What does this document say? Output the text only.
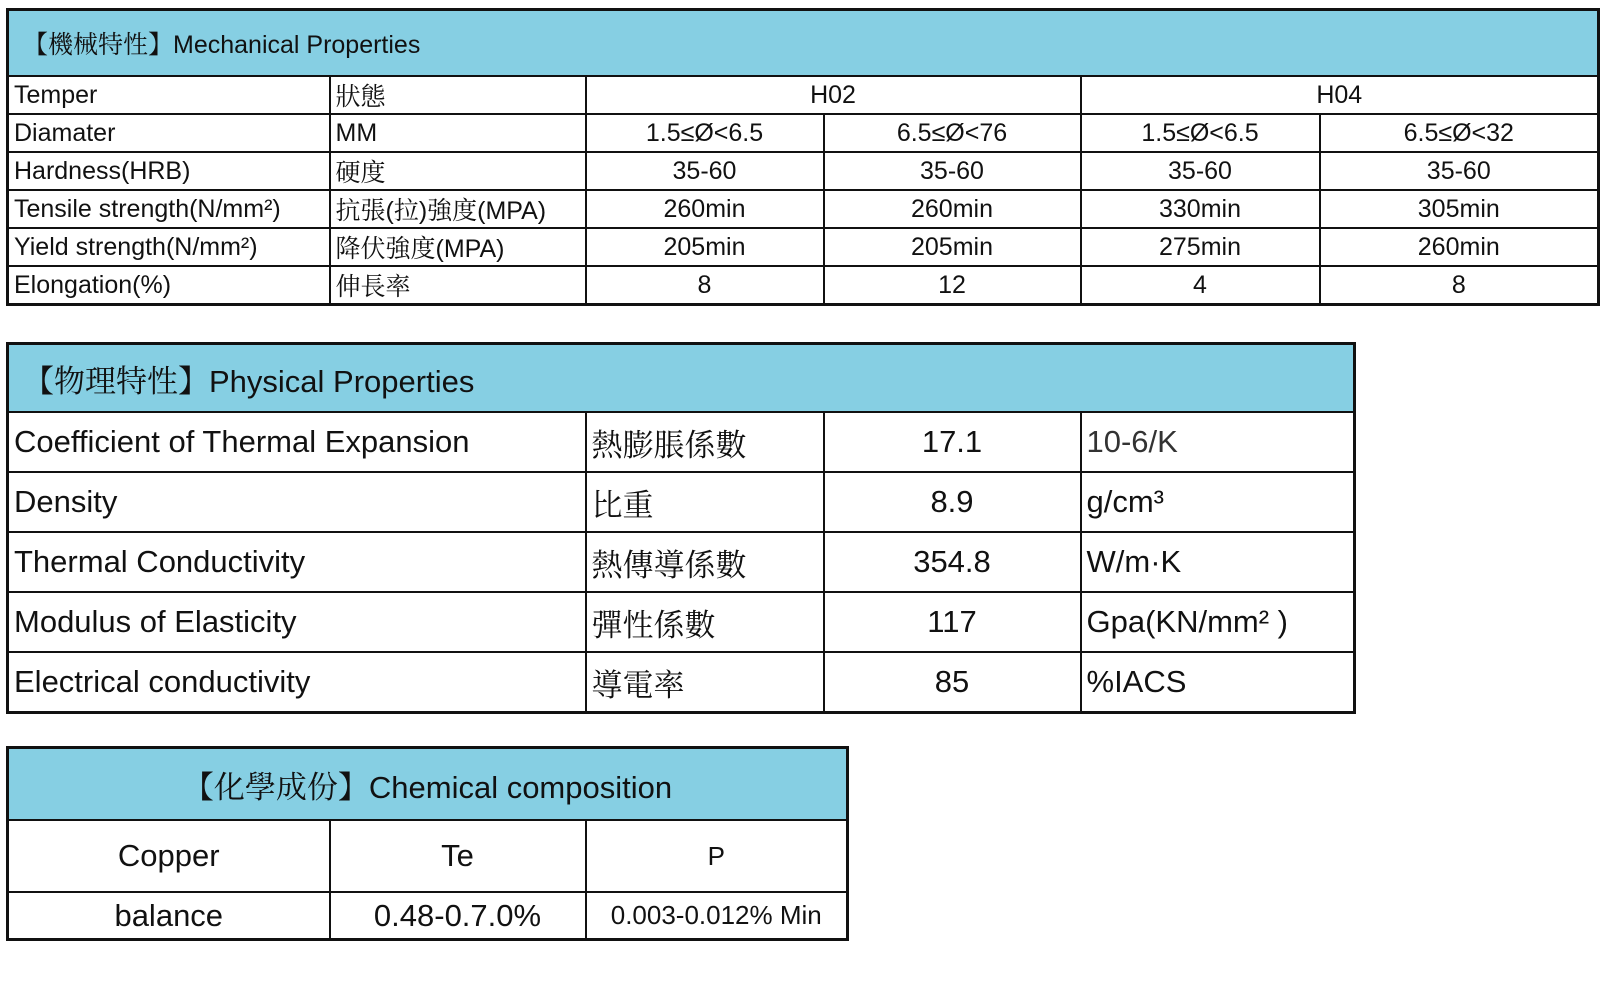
【機械特性】Mechanical Properties					
Temper	狀態	H02		H04	
Diamater	MM	1.5≤Ø<6.5	6.5≤Ø<76	1.5≤Ø<6.5	6.5≤Ø<32
Hardness(HRB)	硬度	35-60	35-60	35-60	35-60
Tensile strength(N/mm²)	抗張(拉)強度(MPA)	260min	260min	330min	305min
Yield strength(N/mm²)	降伏強度(MPA)	205min	205min	275min	260min
Elongation(%)	伸長率	8	12	4	8
【物理特性】Physical Properties			
Coefficient of Thermal Expansion	熱膨脹係數	17.1	10-6/K
Density	比重	8.9	g/cm³
Thermal Conductivity	熱傳導係數	354.8	W/m·K
Modulus of Elasticity	彈性係數	117	Gpa(KN/mm² )
Electrical conductivity	導電率	85	%IACS
【化學成份】Chemical composition		
Copper	Te	P
balance	0.48-0.7.0%	0.003-0.012% Min
